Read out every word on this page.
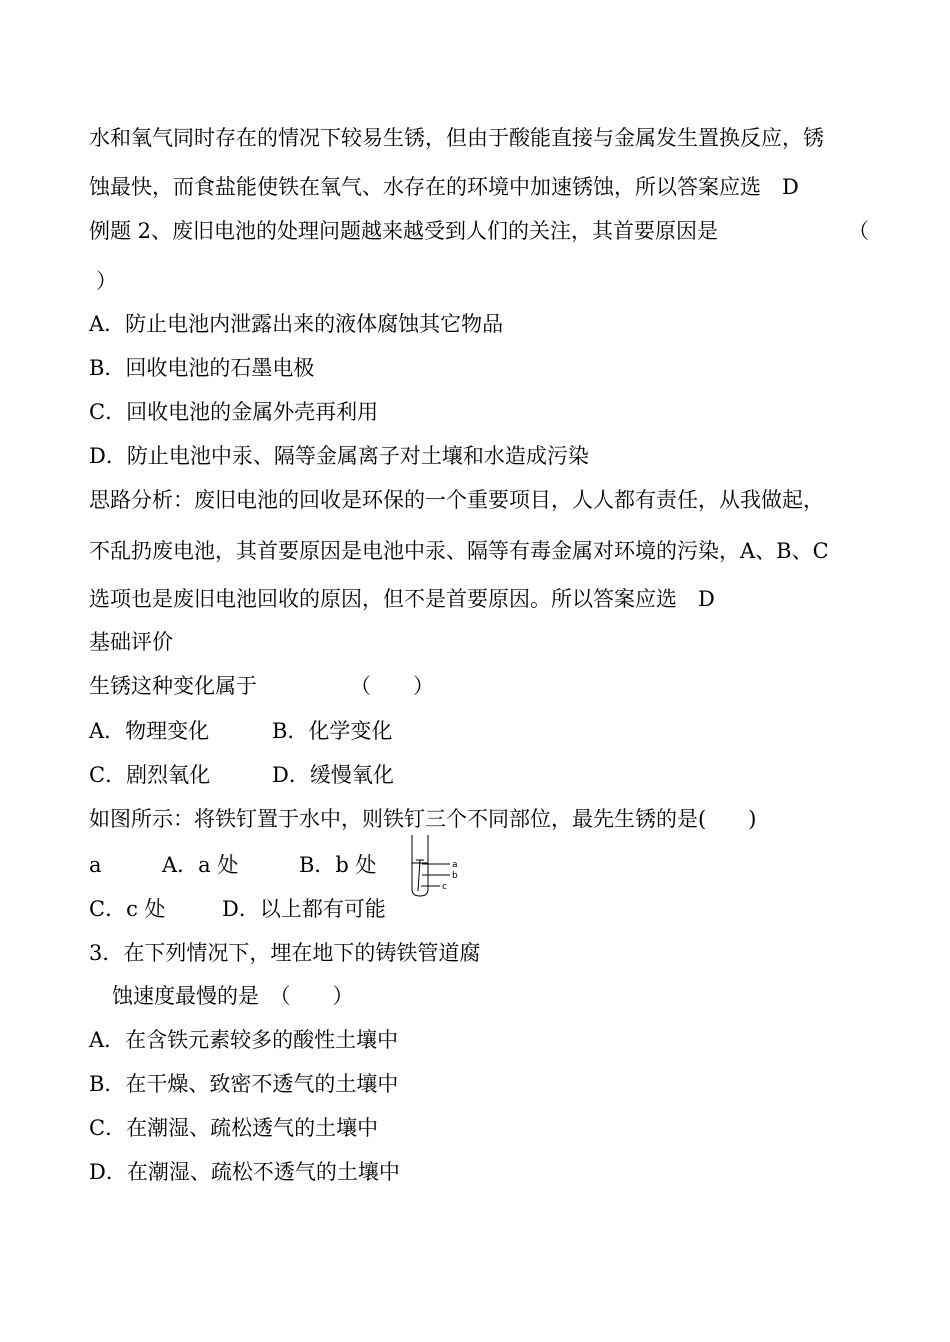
水和氧气同时存在的情况下较易生锈，但由于酸能直接与金属发生置换反应，锈

蚀最快，而食盐能使铁在氧气、水存在的环境中加速锈蚀，所以答案应选　D

例题 2、废旧电池的处理问题越来越受到人们的关注，其首要原因是	（

）

A．防止电池内泄露出来的液体腐蚀其它物品

B．回收电池的石墨电极

C．回收电池的金属外壳再利用

D．防止电池中汞、隔等金属离子对土壤和水造成污染

思路分析：废旧电池的回收是环保的一个重要项目，人人都有责任，从我做起，

不乱扔废电池，其首要原因是电池中汞、隔等有毒金属对环境的污染，A、B、C

选项也是废旧电池回收的原因，但不是首要原因。所以答案应选　D

基础评价

生锈这种变化属于	（　　）
A．物理变化	B．化学变化
C．剧烈氧化	D．缓慢氧化

如图所示：将铁钉置于水中，则铁钉三个不同部位，最先生锈的是(　　)

a	A．a 处	B．b 处
C．c 处	D．以上都有可能
a
b
c

3．在下列情况下，埋在地下的铸铁管道腐

蚀速度最慢的是　（　　）

A．在含铁元素较多的酸性土壤中

B．在干燥、致密不透气的土壤中

C．在潮湿、疏松透气的土壤中

D．在潮湿、疏松不透气的土壤中
